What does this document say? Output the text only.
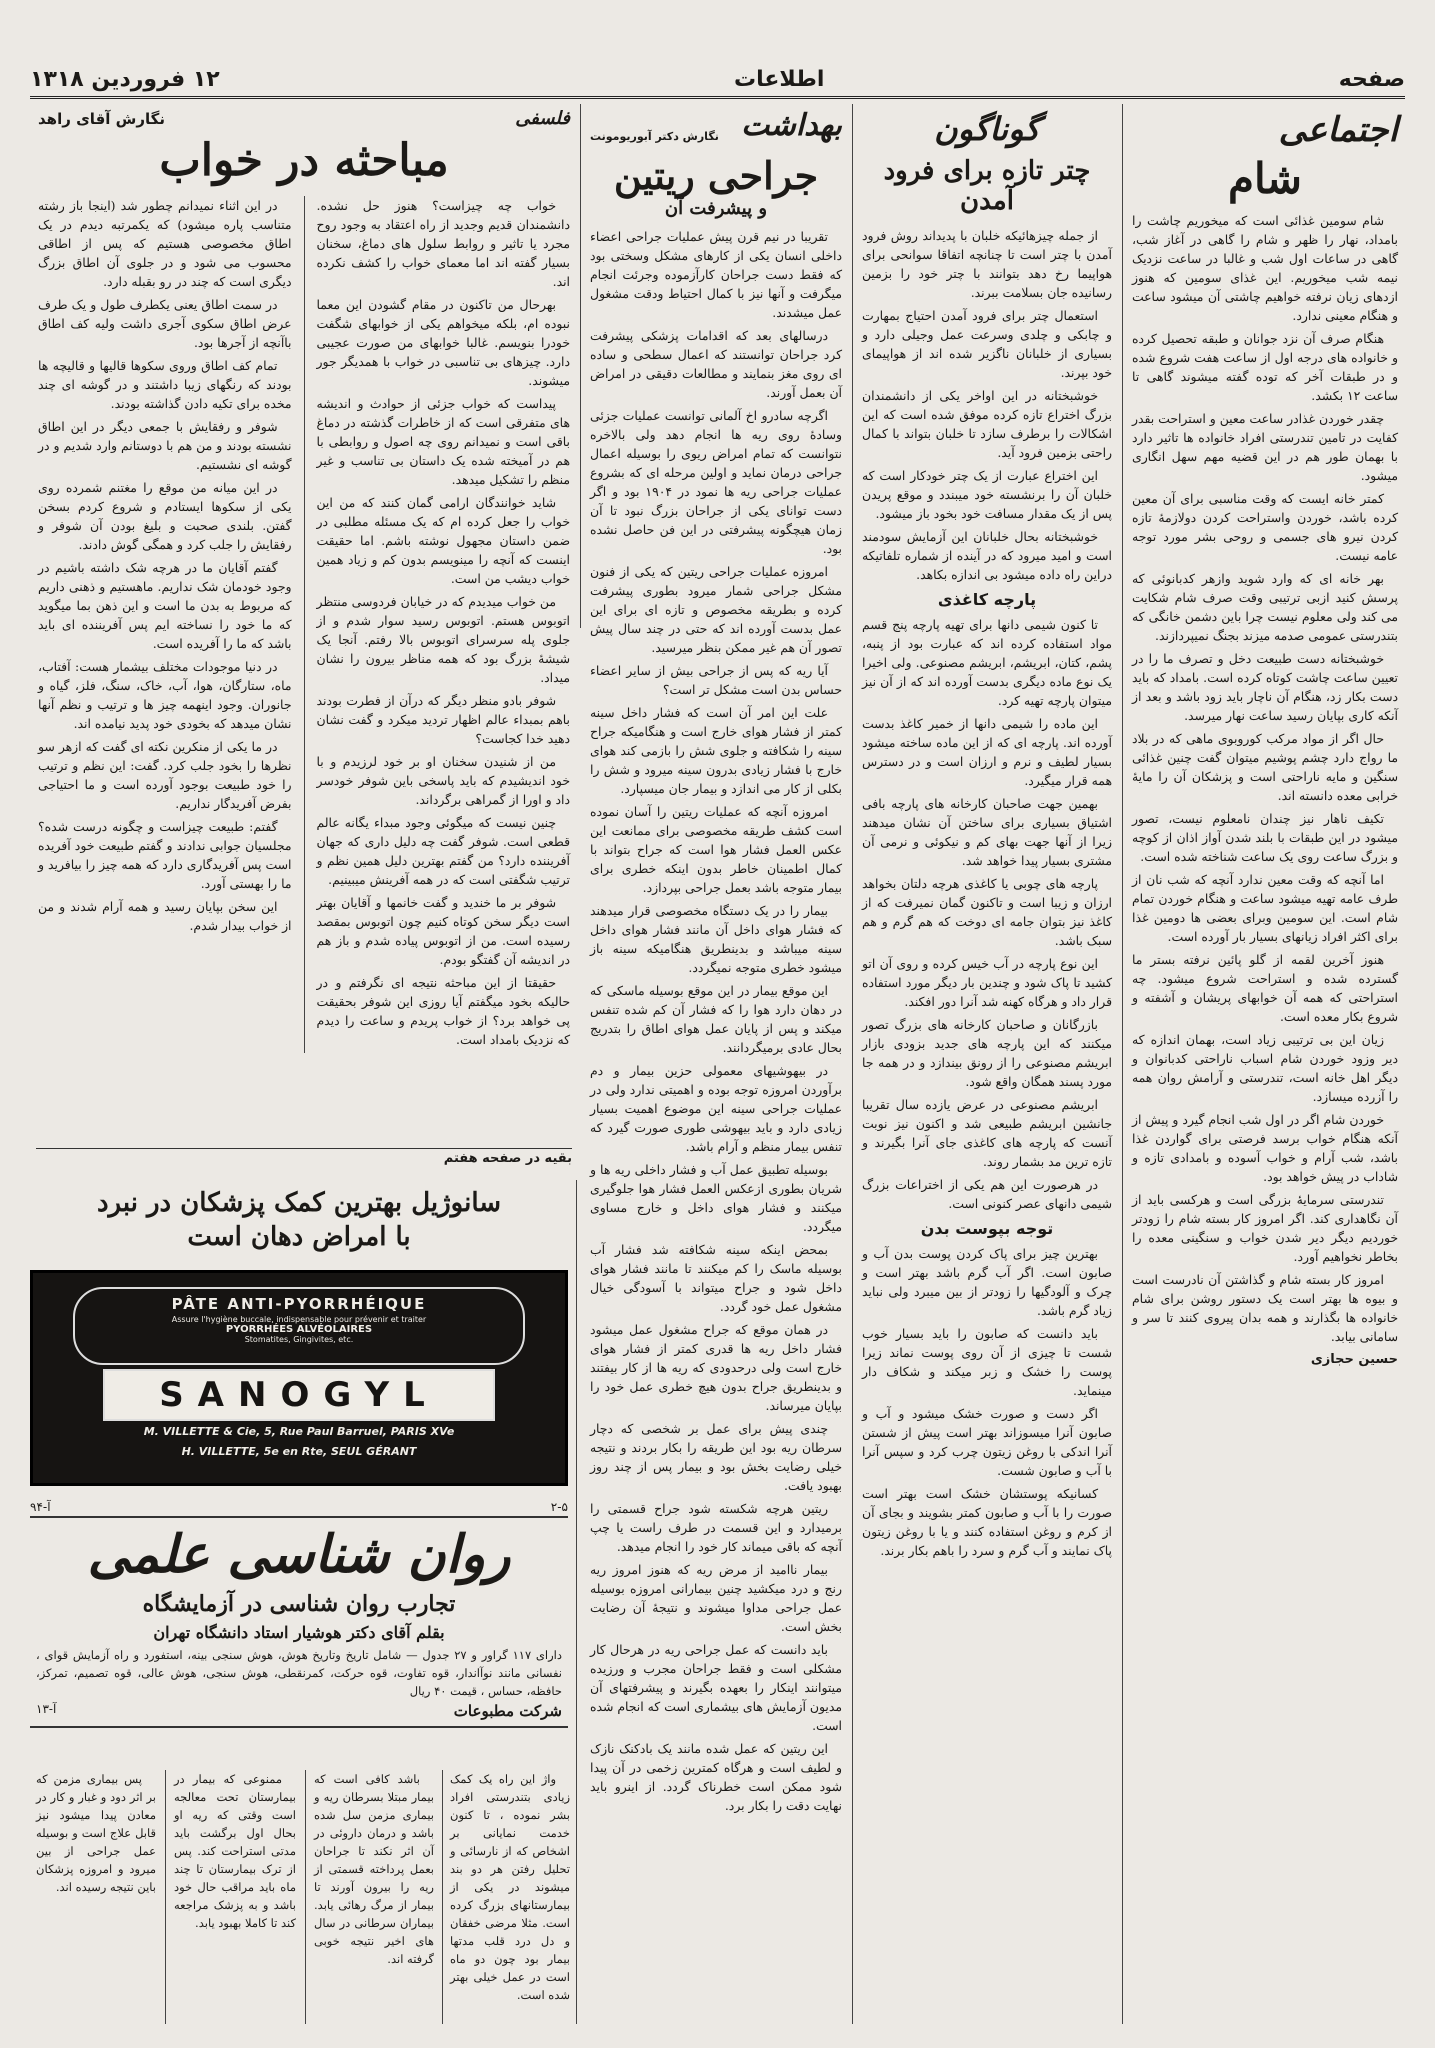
صفحه
اطلاعات
۱۲ فروردین ۱۳۱۸
اجتماعی
شام

شام سومین غذائی است که میخوریم چاشت را بامداد، نهار را ظهر و شام را گاهی در آغاز شب، گاهی در ساعات اول شب و غالبا در ساعت نزدیک نیمه شب میخوریم. این غذای سومین که هنوز ازدهای زیان نرفته خواهیم چاشتی آن میشود ساعت و هنگام معینی ندارد.

هنگام صرف آن نزد جوانان و طبقه تحصیل کرده و خانواده های درجه اول از ساعت هفت شروع شده و در طبقات آخر که توده گفته میشوند گاهی تا ساعت ۱۲ بکشد.

چقدر خوردن غذادر ساعت معین و استراحت بقدر کفایت در تامین تندرستی افراد خانواده ها تاثیر دارد با بهمان طور هم در این قضیه مهم سهل انگاری میشود.

کمتر خانه ایست که وقت مناسبی برای آن معین کرده باشد، خوردن واستراحت کردن دولازمهٔ تازه کردن نیرو های جسمی و روحی بشر مورد توجه عامه نیست.

بهر خانه ای که وارد شوید وازهر کدبانوئی که پرسش کنید ازبی ترتیبی وقت صرف شام شکایت می کند ولی معلوم نیست چرا باین دشمن خانگی که بتندرستی عمومی صدمه میزند بجنگ نمیپردازند.

خوشبختانه دست طبیعت دخل و تصرف ما را در تعیین ساعت چاشت کوتاه کرده است. بامداد که باید دست بکار زد، هنگام آن ناچار باید زود باشد و بعد از آنکه کاری بپایان رسید ساعت نهار میرسد.

حال اگر از مواد مرکب کوروبوی ماهی که در بلاد ما رواج دارد چشم پوشیم میتوان گفت چنین غذائی سنگین و مایه ناراحتی است و پزشکان آن را مایهٔ خرابی معده دانسته اند.

تکیف ناهار نیز چندان نامعلوم نیست، تصور میشود در این طبقات با بلند شدن آواز اذان از کوچه و بزرگ ساعت روی یک ساعت شناخته شده است.

اما آنچه که وقت معین ندارد آنچه که شب نان از طرف عامه تهیه میشود ساعت و هنگام خوردن تمام شام است. این سومین وبرای بعضی ها دومین غذا برای اکثر افراد زیانهای بسیار بار آورده است.

هنوز آخرین لقمه از گلو پائین نرفته بستر ما گسترده شده و استراحت شروع میشود. چه استراحتی که همه آن خوابهای پریشان و آشفته و شروع بکار معده است.

زیان این بی ترتیبی زیاد است، بهمان اندازه که دیر وزود خوردن شام اسباب ناراحتی کدبانوان و دیگر اهل خانه است، تندرستی و آرامش روان همه را آزرده میسازد.

خوردن شام اگر در اول شب انجام گیرد و پیش از آنکه هنگام خواب برسد فرصتی برای گواردن غذا باشد، شب آرام و خواب آسوده و بامدادی تازه و شاداب در پیش خواهد بود.

تندرستی سرمایهٔ بزرگی است و هرکسی باید از آن نگاهداری کند. اگر امروز کار بسته شام را زودتر خوردیم دیگر دیر شدن خواب و سنگینی معده را بخاطر نخواهیم آورد.

امروز کار بسته شام و گذاشتن آن نادرست است و بیوه ها بهتر است یک دستور روشن برای شام خانواده ها بگذارند و همه بدان پیروی کنند تا سر و سامانی بیابد.

حسین حجازی
گوناگون
چتر تازه برای فرود آمدن

از جمله چیزهائیکه خلبان با پدیداند روش فرود آمدن با چتر است تا چنانچه اتفاقا سوانحی برای هواپیما رخ دهد بتوانند با چتر خود را بزمین رسانیده جان بسلامت ببرند.

استعمال چتر برای فرود آمدن احتیاج بمهارت و چابکی و چلدی وسرعت عمل وجیلی دارد و بسیاری از خلبانان ناگزیر شده اند از هواپیمای خود بپرند.

خوشبختانه در این اواخر یکی از دانشمندان بزرگ اختراع تازه کرده موفق شده است که این اشکالات را برطرف سازد تا خلبان بتواند با کمال راحتی بزمین فرود آید.

این اختراع عبارت از یک چتر خودکار است که خلبان آن را برنشسته خود میبندد و موقع پریدن پس از یک مقدار مسافت خود بخود باز میشود.

خوشبختانه بحال خلبانان این آزمایش سودمند است و امید میرود که در آینده از شماره تلفاتیکه دراین راه داده میشود بی اندازه بکاهد.

پارچه کاغذی

تا کنون شیمی دانها برای تهیه پارچه پنج قسم مواد استفاده کرده اند که عبارت بود از پنبه، پشم، کتان، ابریشم، ابریشم مصنوعی. ولی اخیرا یک نوع ماده دیگری بدست آورده اند که از آن نیز میتوان پارچه تهیه کرد.

این ماده را شیمی دانها از خمیر کاغذ بدست آورده اند. پارچه ای که از این ماده ساخته میشود بسیار لطیف و نرم و ارزان است و در دسترس همه قرار میگیرد.

بهمین جهت صاحبان کارخانه های پارچه بافی اشتیاق بسیاری برای ساختن آن نشان میدهند زیرا از آنها جهت بهای کم و نیکوئی و نرمی آن مشتری بسیار پیدا خواهد شد.

پارچه های چوبی یا کاغذی هرچه دلتان بخواهد ارزان و زیبا است و تاکنون گمان نمیرفت که از کاغذ نیز بتوان جامه ای دوخت که هم گرم و هم سبک باشد.

این نوع پارچه در آب خیس کرده و روی آن اتو کشید تا پاک شود و چندین بار دیگر مورد استفاده قرار داد و هرگاه کهنه شد آنرا دور افکند.

بازرگانان و صاحبان کارخانه های بزرگ تصور میکنند که این پارچه های جدید بزودی بازار ابریشم مصنوعی را از رونق بیندازد و در همه جا مورد پسند همگان واقع شود.

ابریشم مصنوعی در عرض یازده سال تقریبا جانشین ابریشم طبیعی شد و اکنون نیز نوبت آنست که پارچه های کاغذی جای آنرا بگیرند و تازه ترین مد بشمار روند.

در هرصورت این هم یکی از اختراعات بزرگ شیمی دانهای عصر کنونی است.

توجه بپوست بدن

بهترین چیز برای پاک کردن پوست بدن آب و صابون است. اگر آب گرم باشد بهتر است و چرک و آلودگیها را زودتر از بین میبرد ولی نباید زیاد گرم باشد.

باید دانست که صابون را باید بسیار خوب شست تا چیزی از آن روی پوست نماند زیرا پوست را خشک و زبر میکند و شکاف دار مینماید.

اگر دست و صورت خشک میشود و آب و صابون آنرا میسوزاند بهتر است پیش از شستن آنرا اندکی با روغن زیتون چرب کرد و سپس آنرا با آب و صابون شست.

کسانیکه پوستشان خشک است بهتر است صورت را با آب و صابون کمتر بشویند و بجای آن از کرم و روغن استفاده کنند و یا با روغن زیتون پاک نمایند و آب گرم و سرد را باهم بکار برند.

بهداشت
نگارش دکتر آبوریومونت
جراحی ریتین
و پیشرفت آن

تقریبا در نیم قرن پیش عملیات جراحی اعضاء داخلی انسان یکی از کارهای مشکل وسختی بود که فقط دست جراحان کارآزموده وجرئت انجام میگرفت و آنها نیز با کمال احتیاط ودقت مشغول عمل میشدند.

درسالهای بعد که اقدامات پزشکی پیشرفت کرد جراحان توانستند که اعمال سطحی و ساده ای روی مغز بنمایند و مطالعات دقیقی در امراض آن بعمل آورند.

اگرچه سادرو اخ آلمانی توانست عملیات جزئی وسادهٔ روی ریه ها انجام دهد ولی بالاخره نتوانست که تمام امراض ریوی را بوسیله اعمال جراحی درمان نماید و اولین مرحله ای که بشروع عملیات جراحی ریه ها نمود در ۱۹۰۴ بود و اگر دست توانای یکی از جراحان بزرگ نبود تا آن زمان هیچگونه پیشرفتی در این فن حاصل نشده بود.

امروزه عملیات جراحی ریتین که یکی از فنون مشکل جراحی شمار میرود بطوری پیشرفت کرده و بطریقه مخصوص و تازه ای برای این عمل بدست آورده اند که حتی در چند سال پیش تصور آن هم غیر ممکن بنظر میرسید.

آیا ریه که پس از جراحی بیش از سایر اعضاء حساس بدن است مشکل تر است؟

علت این امر آن است که فشار داخل سینه کمتر از فشار هوای خارج است و هنگامیکه جراح سینه را شکافته و جلوی شش را بازمی کند هوای خارج با فشار زیادی بدرون سینه میرود و شش را بکلی از کار می اندازد و بیمار جان میسپارد.

امروزه آنچه که عملیات ریتین را آسان نموده است کشف طریقه مخصوصی برای ممانعت این عکس العمل فشار هوا است که جراح بتواند با کمال اطمینان خاطر بدون اینکه خطری برای بیمار متوجه باشد بعمل جراحی بپردازد.

بیمار را در یک دستگاه مخصوصی قرار میدهند که فشار هوای داخل آن مانند فشار هوای داخل سینه میباشد و بدینطریق هنگامیکه سینه باز میشود خطری متوجه نمیگردد.

این موقع بیمار در این موقع بوسیله ماسکی که در دهان دارد هوا را که فشار آن کم شده تنفس میکند و پس از پایان عمل هوای اطاق را بتدریج بحال عادی برمیگردانند.

در بیهوشیهای معمولی حزین بیمار و دم برآوردن امروزه توجه بوده و اهمیتی ندارد ولی در عملیات جراحی سینه این موضوع اهمیت بسیار زیادی دارد و باید بیهوشی طوری صورت گیرد که تنفس بیمار منظم و آرام باشد.

بوسیله تطبیق عمل آب و فشار داخلی ریه ها و شریان بطوری ازعکس العمل فشار هوا جلوگیری میکنند و فشار هوای داخل و خارج مساوی میگردد.

بمحض اینکه سینه شکافته شد فشار آب بوسیله ماسک را کم میکنند تا مانند فشار هوای داخل شود و جراح میتواند با آسودگی خیال مشغول عمل خود گردد.

در همان موقع که جراح مشغول عمل میشود فشار داخل ریه ها قدری کمتر از فشار هوای خارج است ولی درحدودی که ریه ها از کار بیفتند و بدینطریق جراح بدون هیچ خطری عمل خود را بپایان میرساند.

چندی پیش برای عمل بر شخصی که دچار سرطان ریه بود این طریقه را بکار بردند و نتیجه خیلی رضایت بخش بود و بیمار پس از چند روز بهبود یافت.

ریتین هرچه شکسته شود جراح قسمتی را برمیدارد و این قسمت در طرف راست یا چپ آنچه که باقی میماند کار خود را انجام میدهد.

بیمار ناامید از مرض ریه که هنوز امروز ریه رنج و درد میکشید چنین بیمارانی امروزه بوسیله عمل جراحی مداوا میشوند و نتیجهٔ آن رضایت بخش است.

باید دانست که عمل جراحی ریه در هرحال کار مشکلی است و فقط جراحان مجرب و ورزیده میتوانند اینکار را بعهده بگیرند و پیشرفتهای آن مدیون آزمایش های بیشماری است که انجام شده است.

این ریتین که عمل شده مانند یک بادکنک نازک و لطیف است و هرگاه کمترین زخمی در آن پیدا شود ممکن است خطرناک گردد. از اینرو باید نهایت دقت را بکار برد.

فلسفی
نگارش آقای راهد
مباحثه در خواب

خواب چه چیزاست؟ هنوز حل نشده. دانشمندان قدیم وجدید از راه اعتقاد به وجود روح مجرد یا تاثیر و روابط سلول های دماغ، سخنان بسیار گفته اند اما معمای خواب را کشف نکرده اند.

بهرحال من تاکنون در مقام گشودن این معما نبوده ام، بلکه میخواهم یکی از خوابهای شگفت خودرا بنویسم. غالبا خوابهای من صورت عجیبی دارد. چیزهای بی تناسبی در خواب با همدیگر جور میشوند.

پیداست که خواب جزئی از حوادث و اندیشه های متفرقی است که از خاطرات گذشته در دماغ باقی است و نمیدانم روی چه اصول و روابطی با هم در آمیخته شده یک داستان بی تناسب و غیر منظم را تشکیل میدهد.

شاید خوانندگان ارامی گمان کنند که من این خواب را جعل کرده ام که یک مسئله مطلبی در ضمن داستان مجهول نوشته باشم. اما حقیقت اینست که آنچه را مینویسم بدون کم و زیاد همین خواب دیشب من است.

من خواب میدیدم که در خیابان فردوسی منتظر اتوبوس هستم. اتوبوس رسید سوار شدم و از جلوی پله سرسرای اتوبوس بالا رفتم. آنجا یک شیشهٔ بزرگ بود که همه مناظر بیرون را نشان میداد.

شوفر بادو منظر دیگر که درآن از فطرت بودند باهم بمبداء عالم اظهار تردید میکرد و گفت نشان دهید خدا کجاست؟

من از شنیدن سخنان او بر خود لرزیدم و با خود اندیشیدم که باید پاسخی باین شوفر خودسر داد و اورا از گمراهی برگرداند.

چنین نیست که میگوئی وجود مبداء یگانه عالم قطعی است. شوفر گفت چه دلیل داری که جهان آفریننده دارد؟ من گفتم بهترین دلیل همین نظم و ترتیب شگفتی است که در همه آفرینش میبینیم.

شوفر بر ما خندید و گفت خانمها و آقایان بهتر است دیگر سخن کوتاه کنیم چون اتوبوس بمقصد رسیده است. من از اتوبوس پیاده شدم و باز هم در اندیشه آن گفتگو بودم.

حقیقتا از این مباحثه نتیجه ای نگرفتم و در حالیکه بخود میگفتم آیا روزی این شوفر بحقیقت پی خواهد برد؟ از خواب پریدم و ساعت را دیدم که نزدیک بامداد است.

در این اثناء نمیدانم چطور شد (اینجا باز رشته متناسب پاره میشود) که یکمرتبه دیدم در یک اطاق مخصوصی هستیم که پس از اطاقی محسوب می شود و در جلوی آن اطاق بزرگ دیگری است که چند در رو بقبله دارد.

در سمت اطاق یعنی یکطرف طول و یک طرف عرض اطاق سکوی آجری داشت ولیه کف اطاق باآنچه از آجرها بود.

تمام کف اطاق وروی سکوها قالیها و قالیچه ها بودند که رنگهای زیبا داشتند و در گوشه ای چند مخده برای تکیه دادن گذاشته بودند.

شوفر و رفقایش با جمعی دیگر در این اطاق نشسته بودند و من هم با دوستانم وارد شدیم و در گوشه ای نشستیم.

در این میانه من موقع را مغتنم شمرده روی یکی از سکوها ایستادم و شروع کردم بسخن گفتن. بلندی صحبت و بلیغ بودن آن شوفر و رفقایش را جلب کرد و همگی گوش دادند.

گفتم آقایان ما در هرچه شک داشته باشیم در وجود خودمان شک نداریم. ماهستیم و ذهنی داریم که مربوط به بدن ما است و این ذهن بما میگوید که ما خود را نساخته ایم پس آفریننده ای باید باشد که ما را آفریده است.

در دنیا موجودات مختلف بیشمار هست: آفتاب، ماه، ستارگان، هوا، آب، خاک، سنگ، فلز، گیاه و جانوران. وجود اینهمه چیز ها و ترتیب و نظم آنها نشان میدهد که بخودی خود پدید نیامده اند.

در ما یکی از منکرین نکته ای گفت که ازهر سو نظرها را بخود جلب کرد. گفت: این نظم و ترتیب را خود طبیعت بوجود آورده است و ما احتیاجی بفرض آفریدگار نداریم.

گفتم: طبیعت چیزاست و چگونه درست شده؟ مجلسیان جوابی ندادند و گفتم طبیعت خود آفریده است پس آفریدگاری دارد که همه چیز را بیافرید و ما را بهستی آورد.

این سخن بپایان رسید و همه آرام شدند و من از خواب بیدار شدم.

بقیه در صفحه هفتم
سانوژیل بهترین کمک پزشکان در نبرد
با امراض دهان است
PÂTE ANTI-PYORRHÉIQUE
Assure l'hygiène buccale, indispensable pour prévenir et traiter
PYORRHÉES ALVÉOLAIRES
Stomatites, Gingivites, etc.
SANOGYL
M. VILLETTE & Cie, 5, Rue Paul Barruel, PARIS XVe
H. VILLETTE, 5e en Rte, SEUL GÉRANT
۲-۵
آ-۹۴
روان شناسی علمی
تجارب روان شناسی در آزمایشگاه
بقلم آقای دکتر هوشیار استاد دانشگاه تهران
دارای ۱۱۷ گراور و ۲۷ جدول — شامل تاریخ وتاریخ هوش، هوش سنجی بینه، استفورد و راه آزمایش قوای ، نفسانی مانند نوآاندار، قوه تفاوت، قوه حرکت، کمرنقطی، هوش سنجی، هوش عالی، قوه تصمیم، تمرکز، حافظه، حساس ، قیمت ۴۰ ریال
شرکت مطبوعات
آ-۱۳

واژ این راه یک کمک زیادی بتندرستی افراد بشر نموده ، تا کنون خدمت نمایانی بر اشخاص که از نارسائی و تحلیل رفتن هر دو بند میشوند در یکی از بیمارستانهای بزرگ کرده است. مثلا مرضی خفقان و دل درد قلب مدتها بیمار بود چون دو ماه است در عمل خیلی بهتر شده است.

باشد کافی است که بیمار مبتلا بسرطان ریه و بیماری مزمن سل شده باشد و درمان داروئی در آن اثر نکند تا جراحان بعمل پرداخته قسمتی از ریه را بیرون آورند تا بیمار از مرگ رهائی یابد. بیماران سرطانی در سال های اخیر نتیجه خوبی گرفته اند.

ممنوعی که بیمار در بیمارستان تحت معالجه است وقتی که ریه او بحال اول برگشت باید مدتی استراحت کند. پس از ترک بیمارستان تا چند ماه باید مراقب حال خود باشد و به پزشک مراجعه کند تا کاملا بهبود یابد.

پس بیماری مزمن که بر اثر دود و غبار و کار در معادن پیدا میشود نیز قابل علاج است و بوسیله عمل جراحی از بین میرود و امروزه پزشکان باین نتیجه رسیده اند.
